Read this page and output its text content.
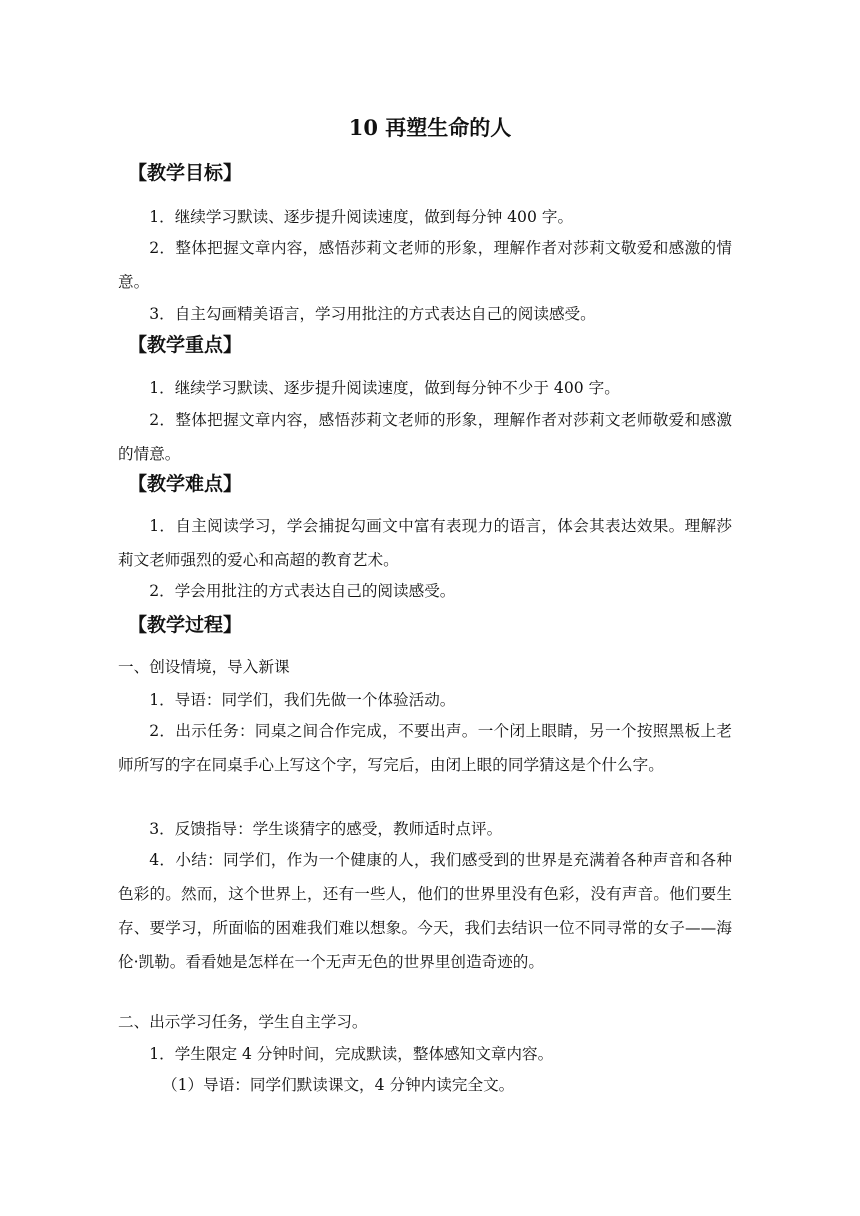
10 再塑生命的人
【教学目标】
1．继续学习默读、逐步提升阅读速度，做到每分钟 400 字。
2．整体把握文章内容，感悟莎莉文老师的形象，理解作者对莎莉文敬爱和感激的情意。
3．自主勾画精美语言，学习用批注的方式表达自己的阅读感受。
【教学重点】
1．继续学习默读、逐步提升阅读速度，做到每分钟不少于 400 字。
2．整体把握文章内容，感悟莎莉文老师的形象，理解作者对莎莉文老师敬爱和感激的情意。
【教学难点】
1．自主阅读学习，学会捕捉勾画文中富有表现力的语言，体会其表达效果。理解莎莉文老师强烈的爱心和高超的教育艺术。
2．学会用批注的方式表达自己的阅读感受。
【教学过程】
一、创设情境，导入新课
1．导语：同学们，我们先做一个体验活动。
2．出示任务：同桌之间合作完成，不要出声。一个闭上眼睛，另一个按照黑板上老师所写的字在同桌手心上写这个字，写完后，由闭上眼的同学猜这是个什么字。
3．反馈指导：学生谈猜字的感受，教师适时点评。
4．小结：同学们，作为一个健康的人，我们感受到的世界是充满着各种声音和各种色彩的。然而，这个世界上，还有一些人，他们的世界里没有色彩，没有声音。他们要生存、要学习，所面临的困难我们难以想象。今天，我们去结识一位不同寻常的女子——海伦·凯勒。看看她是怎样在一个无声无色的世界里创造奇迹的。
二、出示学习任务，学生自主学习。
1．学生限定 4 分钟时间，完成默读，整体感知文章内容。
（1）导语：同学们默读课文，4 分钟内读完全文。
